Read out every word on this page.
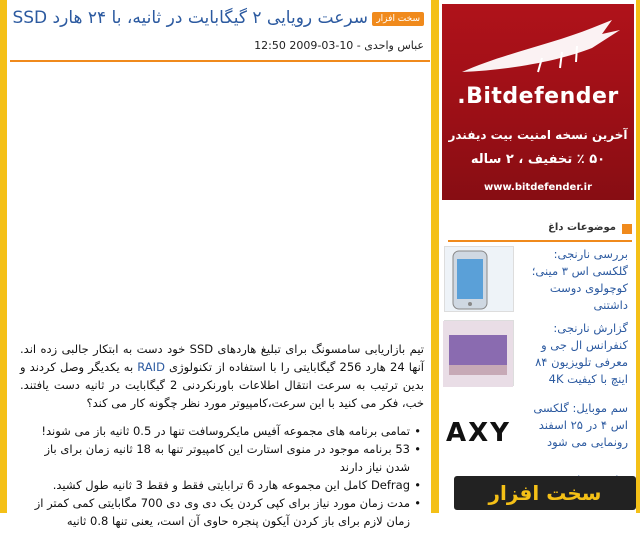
سخت افزار
سرعت رویایی ۲ گیگابایت در ثانیه، با ۲۴ هارد SSD
عباس واحدی - 10-03-2009 12:50

تیم بازاریابی سامسونگ برای تبلیغ هاردهای SSD خود دست به ابتکار جالبی زده اند. آنها 24 هارد 256 گیگابایتی را با استفاده از تکنولوژی RAID به یکدیگر وصل کردند و بدین ترتیب به سرعت انتقال اطلاعات باورنکردنی 2 گیگابایت در ثانیه دست یافتند. خب، فکر می کنید با این سرعت،کامپیوتر مورد نظر چگونه کار می کند؟

• تمامی برنامه های مجموعه آفیس مایکروسافت تنها در 0.5 ثانیه باز می شوند!
• 53 برنامه موجود در منوی استارت این کامپیوتر تنها به 18 ثانیه زمان برای باز شدن نیاز دارند
• Defrag کامل این مجموعه هارد 6 ترابایتی فقط و فقط 3 ثانیه طول کشید.
• مدت زمان مورد نیاز برای کپی کردن یک دی وی دی 700 مگابایتی کمی کمتر از زمان لازم برای باز کردن آیکون پنجره حاوی آن است، یعنی تنها 0.8 ثانیه
Bitdefender.
آخرین نسخه امنیت بیت دیفندر
۵۰ ٪ تخفیف ، ۲ ساله
www.bitdefender.ir
موضوعات داغ
بررسی نارنجی: گلکسی اس ۳ مینی؛ کوچولوی دوست داشتنی
گزارش نارنجی: کنفرانس ال جی و معرفی تلویزیون ۸۴ اینچ با کیفیت 4K
AXY
سم موبایل: گلکسی اس ۴ در ۲۵ اسفند رونمایی می شود
سخت افزار
